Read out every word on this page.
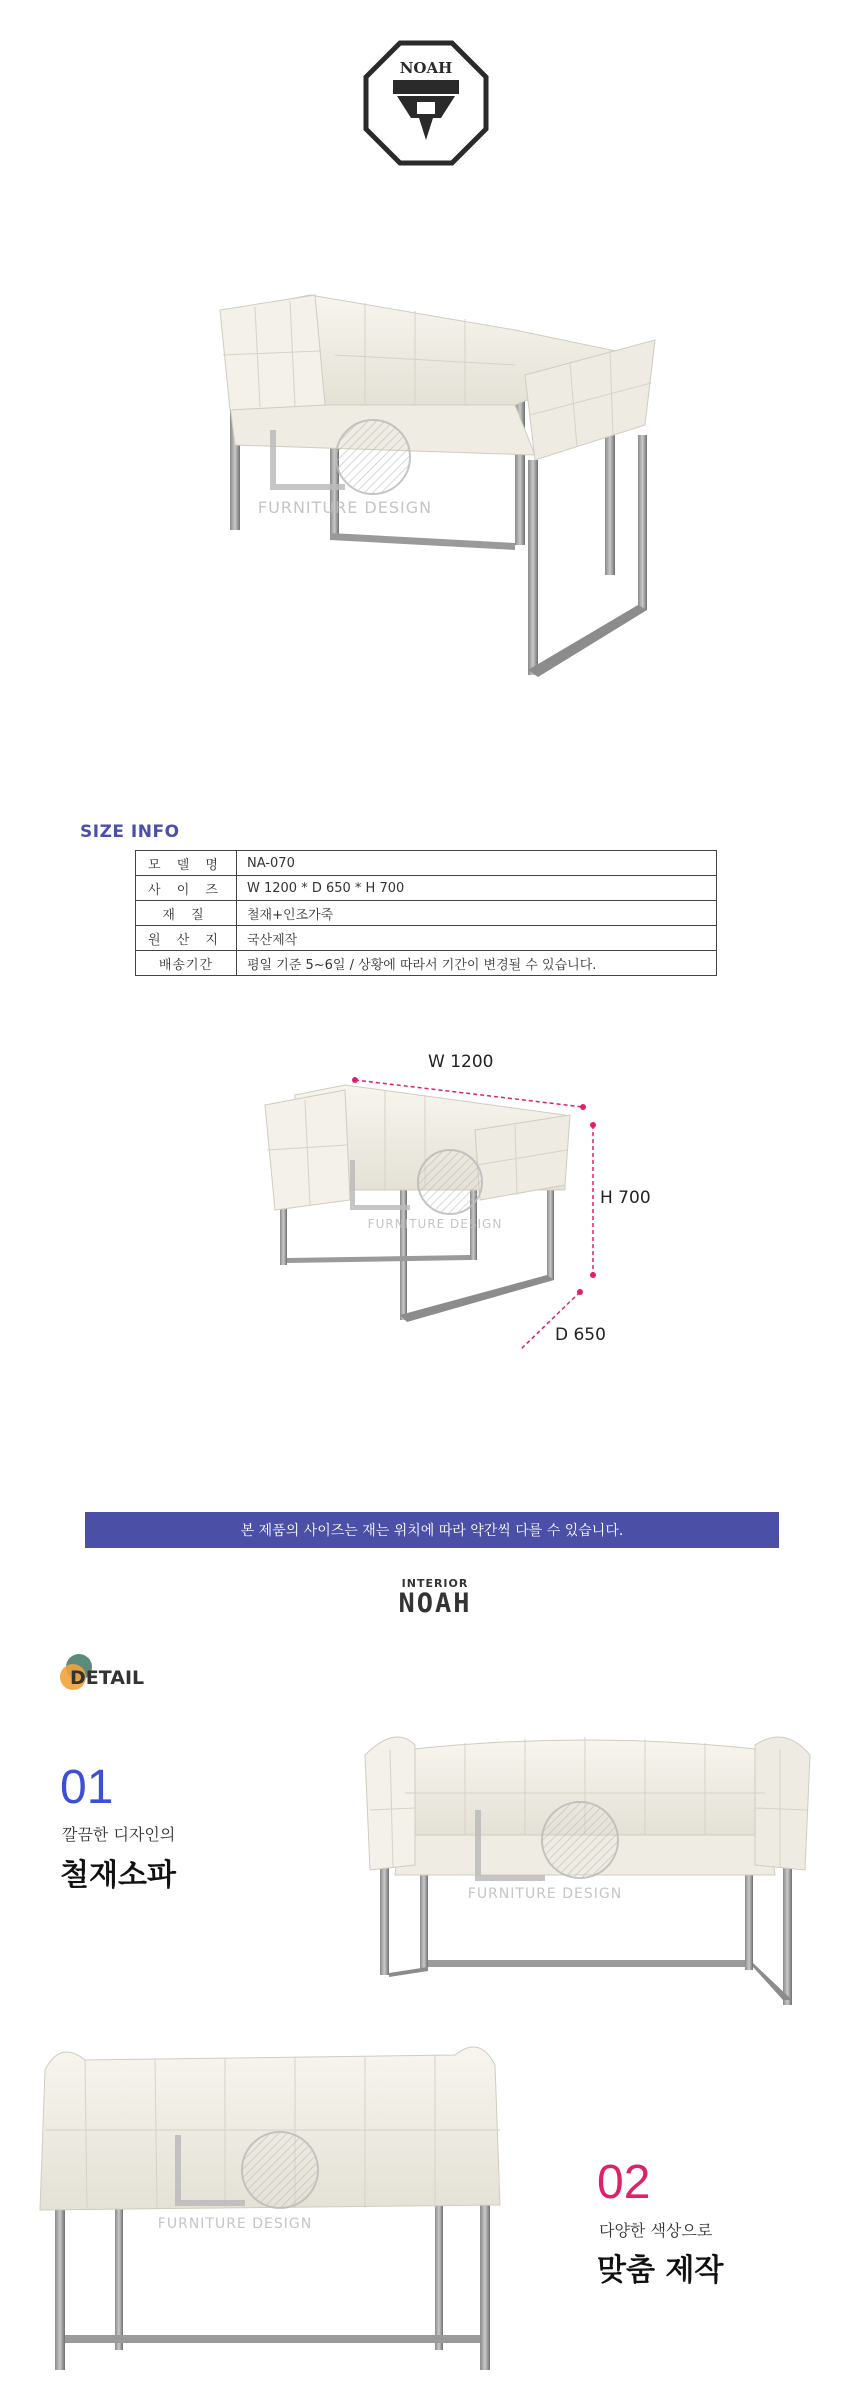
NOAH
FURNITURE DESIGN
SIZE INFO
모 델 명	NA-070
사 이 즈	W 1200 * D 650 * H 700
재 질	철재+인조가죽
원 산 지	국산제작
배송기간	평일 기준 5~6일 / 상황에 따라서 기간이 변경될 수 있습니다.
FURNITURE DESIGN
W 1200
H 700
D 650
본 제품의 사이즈는 재는 위치에 따라 약간씩 다를 수 있습니다.
INTERIOR
NOAH
DETAIL
01
깔끔한 디자인의
철재소파
FURNITURE DESIGN
FURNITURE DESIGN
02
다양한 색상으로
맞춤 제작
